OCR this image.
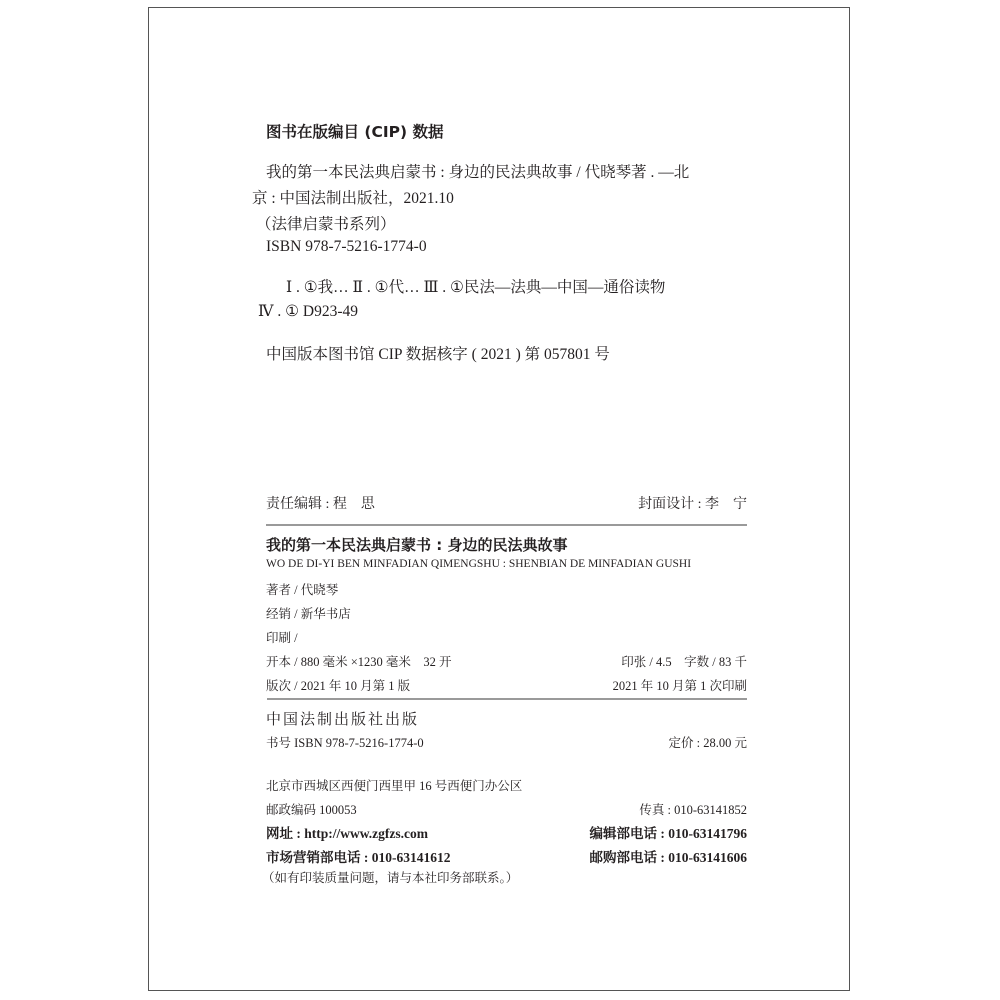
图书在版编目 (CIP) 数据
我的第一本民法典启蒙书 : 身边的民法典故事 / 代晓琴著 . —北
京 : 中国法制出版社，2021.10
（法律启蒙书系列）
ISBN 978-7-5216-1774-0
Ⅰ . ①我… Ⅱ . ①代… Ⅲ . ①民法—法典—中国—通俗读物
Ⅳ . ① D923-49
中国版本图书馆 CIP 数据核字 ( 2021 ) 第 057801 号
责任编辑 : 程　思	封面设计 : 李　宁
我的第一本民法典启蒙书 : 身边的民法典故事
WO DE DI-YI BEN MINFADIAN QIMENGSHU : SHENBIAN DE MINFADIAN GUSHI
著者 / 代晓琴
经销 / 新华书店
印刷 /
开本 / 880 毫米 ×1230 毫米　32 开	印张 / 4.5　字数 / 83 千
版次 / 2021 年 10 月第 1 版	2021 年 10 月第 1 次印刷
中国法制出版社出版
书号 ISBN 978-7-5216-1774-0	定价 : 28.00 元
北京市西城区西便门西里甲 16 号西便门办公区
邮政编码 100053	传真 : 010-63141852
网址 : http://www.zgfzs.com	编辑部电话 : 010-63141796
市场营销部电话 : 010-63141612	邮购部电话 : 010-63141606
（如有印装质量问题，请与本社印务部联系。）
